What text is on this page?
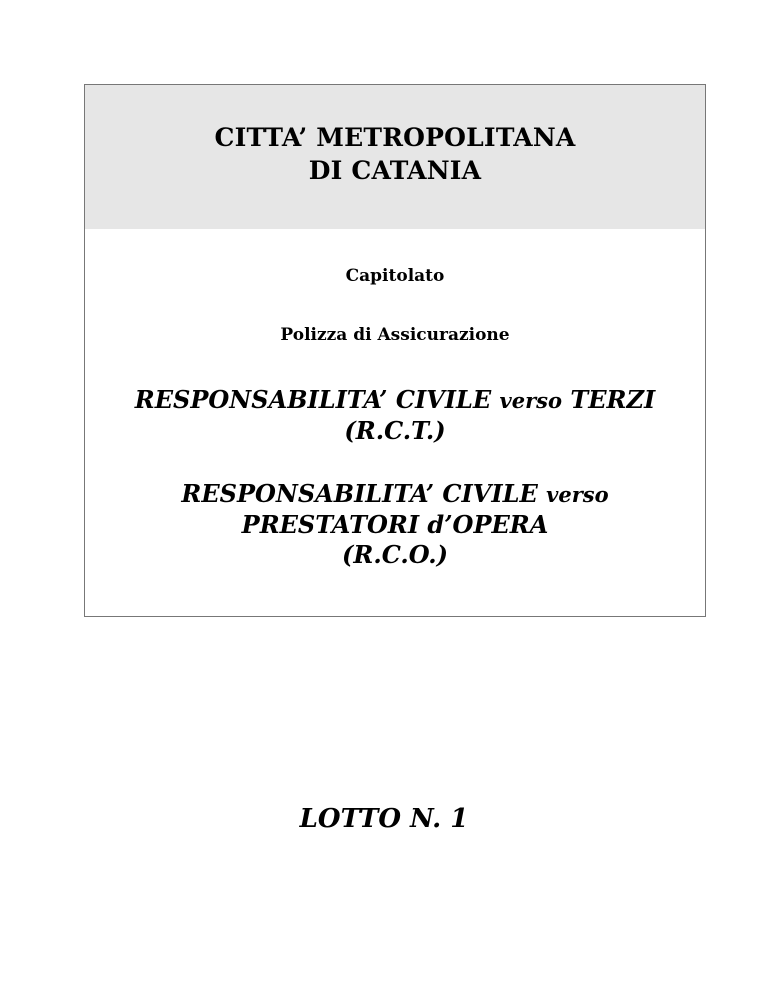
CITTA’ METROPOLITANA
DI CATANIA
Capitolato
Polizza di Assicurazione
RESPONSABILITA’ CIVILE verso TERZI
(R.C.T.)
RESPONSABILITA’ CIVILE verso
PRESTATORI d’OPERA
(R.C.O.)
LOTTO N. 1
